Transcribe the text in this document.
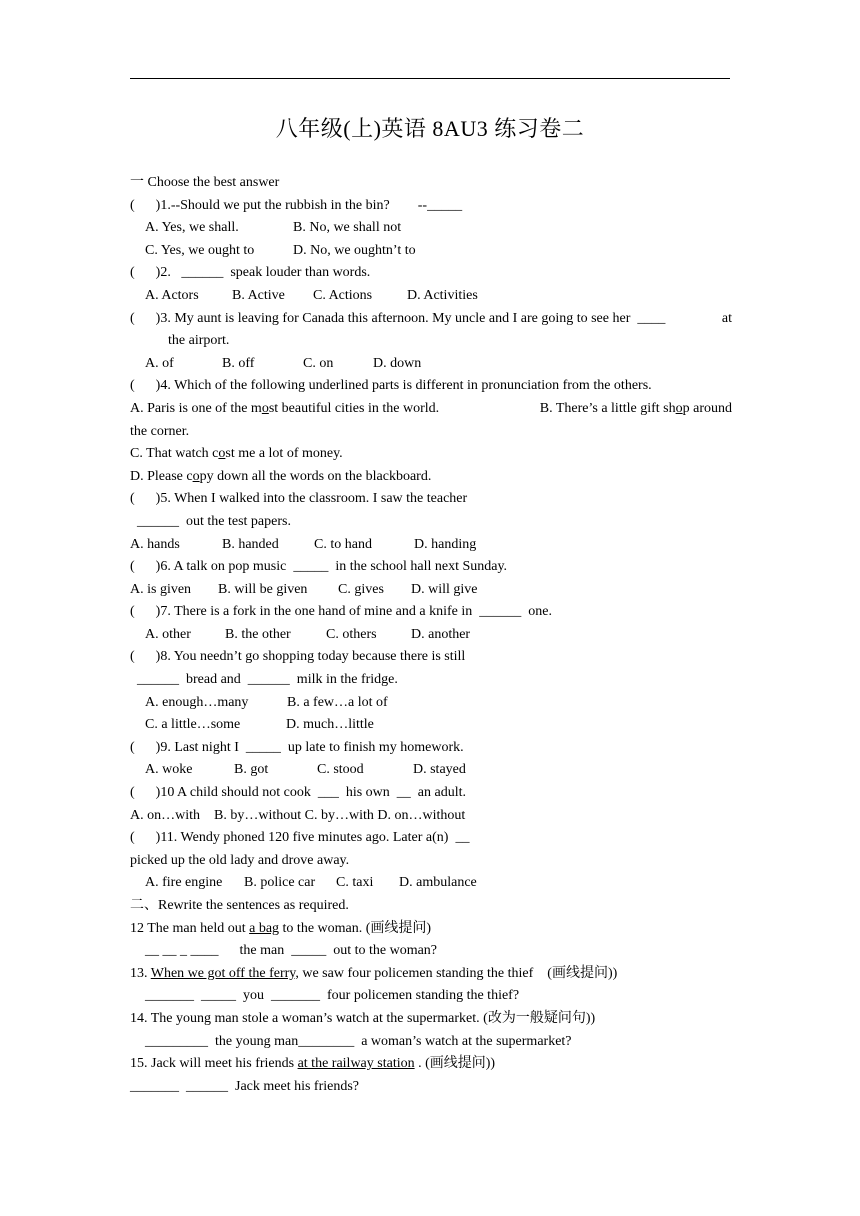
八年级(上)英语 8AU3 练习卷二
一 Choose the best answer
(      )1.--Should we put the rubbish in the bin?        --_____
A. Yes, we shall.	B. No, we shall not
C. Yes, we ought to	D. No, we oughtn’t to
(      )2.   ______  speak louder than words.
A. Actors B. Active C. Actions D. Activities
(      )3. My aunt is leaving for Canada this afternoon. My uncle and I are going to see her  ____	at
the airport.
A. of	B. off	C. on	D. down
(      )4. Which of the following underlined parts is different in pronunciation from the others.
A. Paris is one of the most beautiful cities in the world.	B. There’s a little gift shop around
the corner.
C. That watch cost me a lot of money.
D. Please copy down all the words on the blackboard.
(      )5. When I walked into the classroom. I saw the teacher
______  out the test papers.
A. hands	B. handed	C. to hand	D. handing
(      )6. A talk on pop music  _____  in the school hall next Sunday.
A. is given B. will be given C. gives D. will give
(      )7. There is a fork in the one hand of mine and a knife in  ______  one.
A. other B. the other	C. others D. another
(      )8. You needn’t go shopping today because there is still
______  bread and  ______  milk in the fridge.
A. enough…many	B. a few…a lot of
C. a little…some	D. much…little
(      )9. Last night I  _____  up late to finish my homework.
A. woke	B. got	C. stood	D. stayed
(      )10 A child should not cook  ___  his own  __  an adult.
A. on…with    B. by…without C. by…with D. on…without
(      )11. Wendy phoned 120 five minutes ago. Later a(n)  __
picked up the old lady and drove away.
A. fire engine B. police car C. taxi D. ambulance
二、Rewrite the sentences as required.
12 The man held out a bag to the woman. (画线提问)
__ __ _ ____      the man  _____  out to the woman?
13. When we got off the ferry, we saw four policemen standing the thief    (画线提问))
_______  _____  you  _______  four policemen standing the thief?
14. The young man stole a woman’s watch at the supermarket. (改为一般疑问句))
_________  the young man________  a woman’s watch at the supermarket?
15. Jack will meet his friends at the railway station . (画线提问))
_______  ______  Jack meet his friends?
